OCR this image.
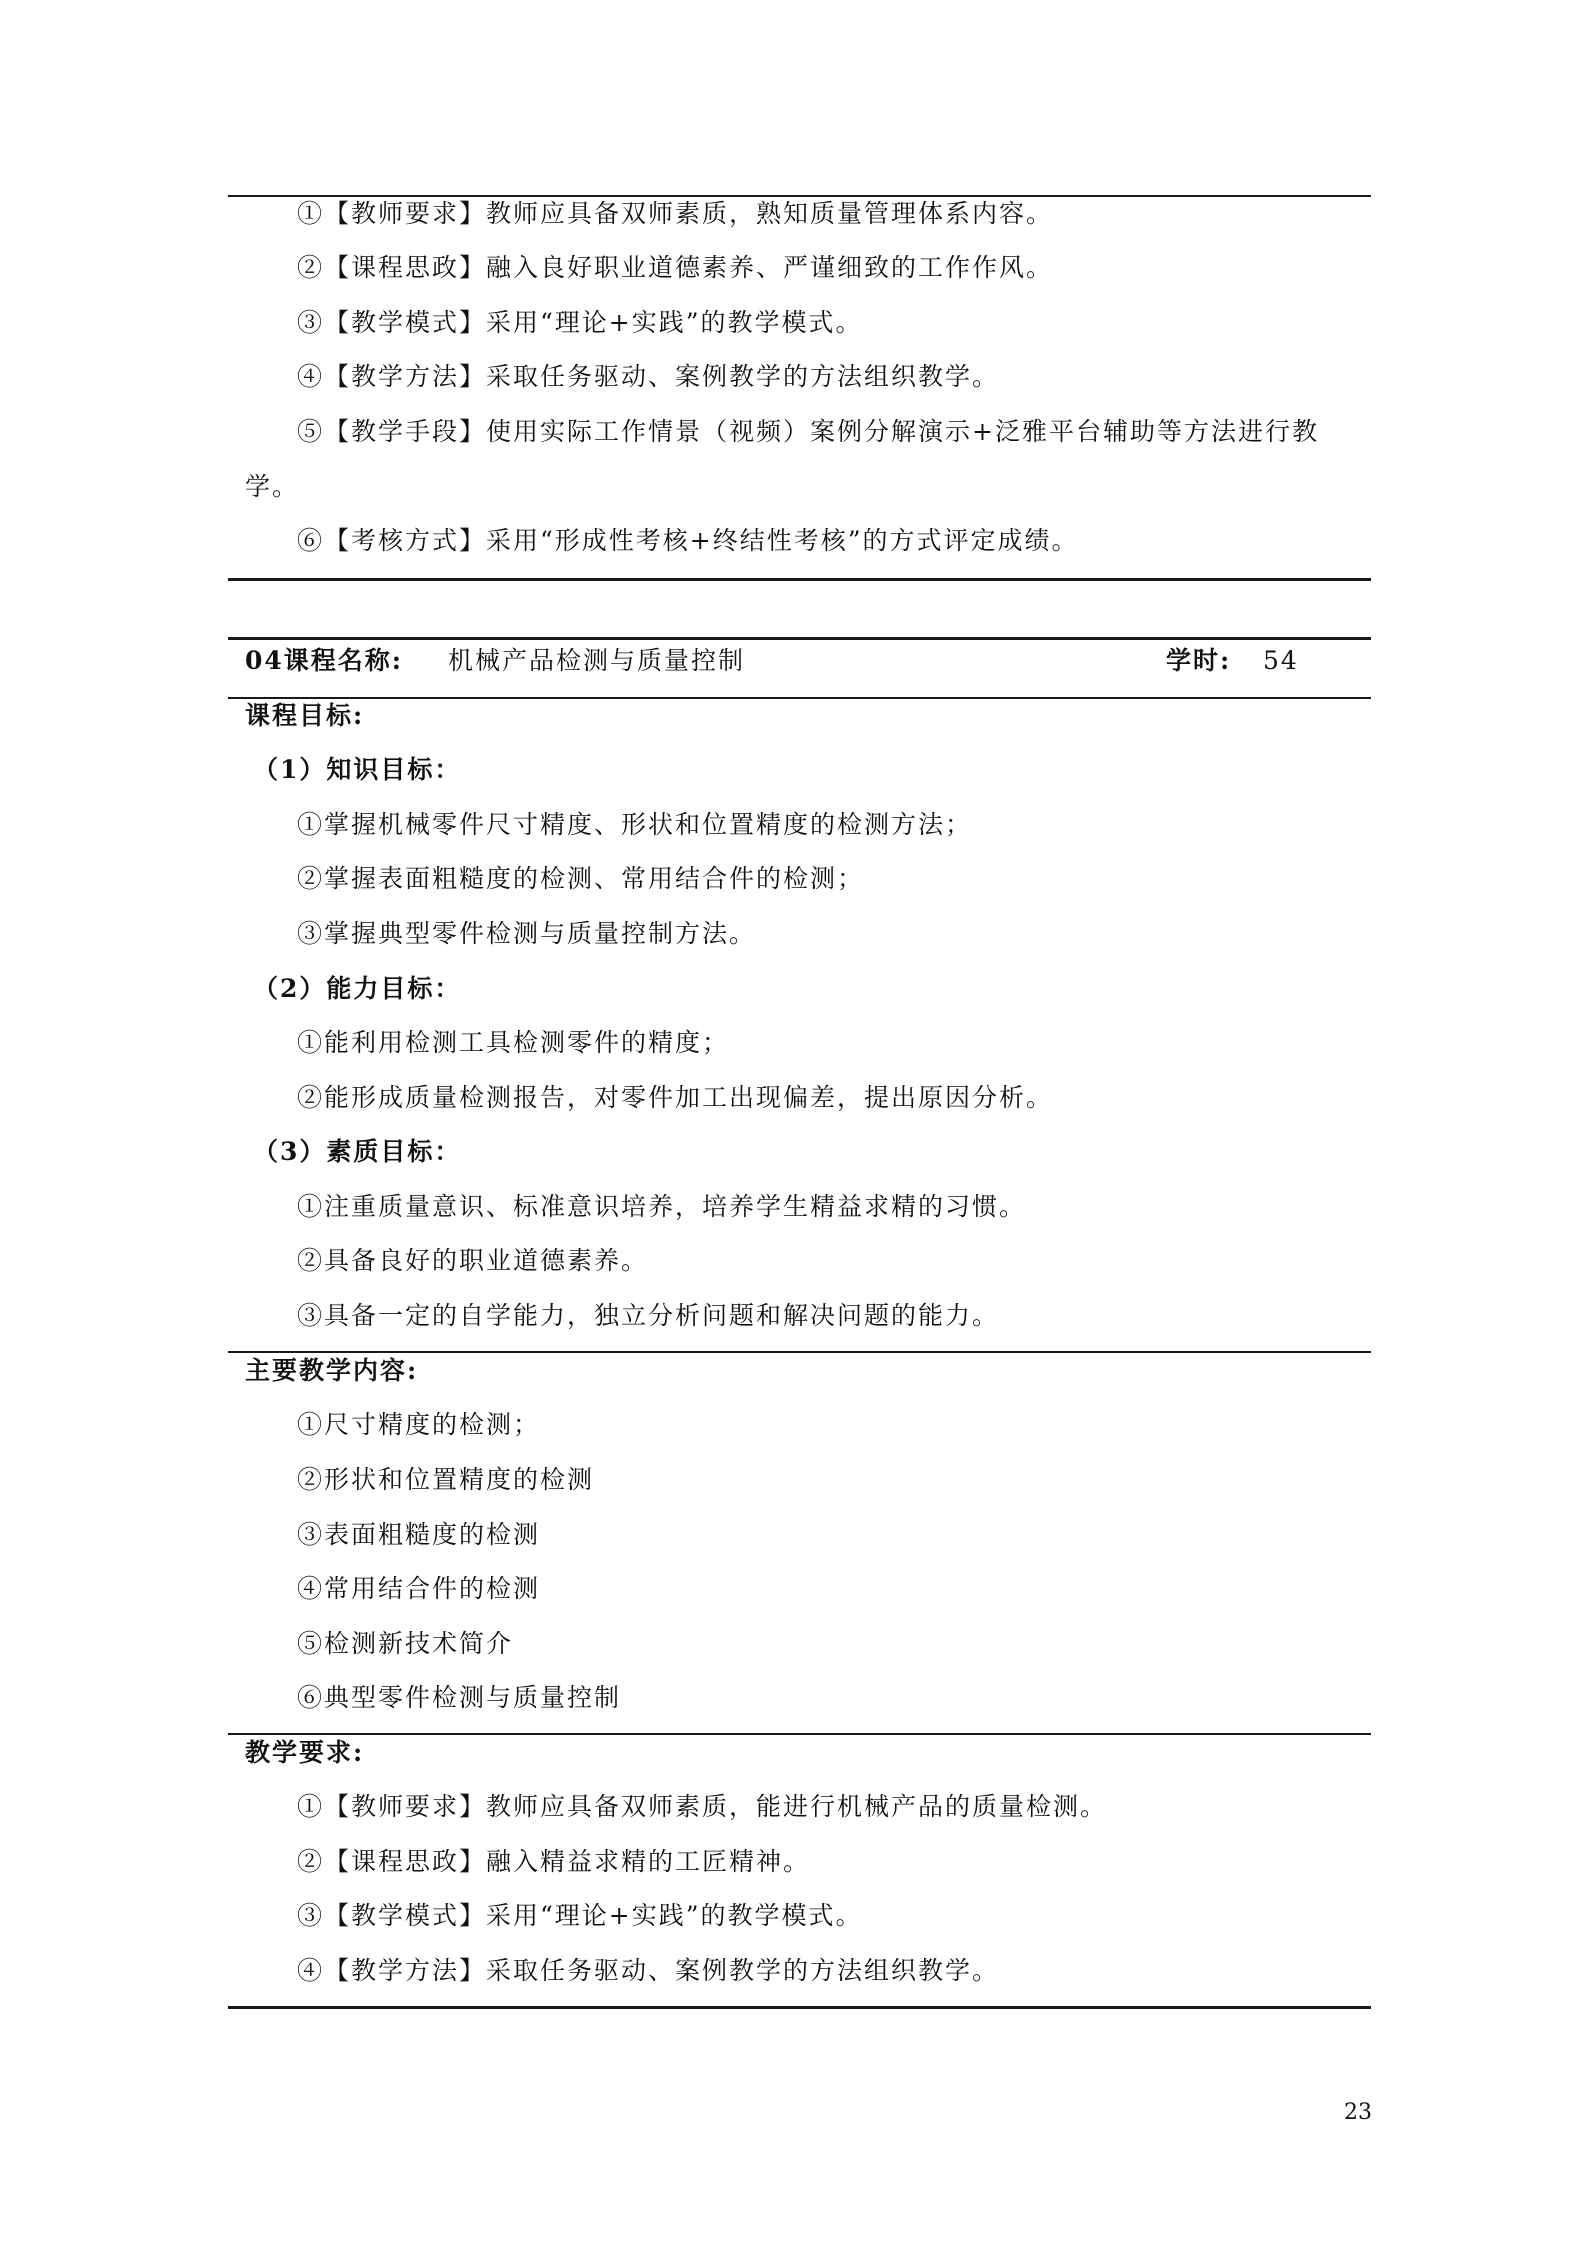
①【教师要求】教师应具备双师素质，熟知质量管理体系内容。
②【课程思政】融入良好职业道德素养、严谨细致的工作作风。
③【教学模式】采用“理论+实践”的教学模式。
④【教学方法】采取任务驱动、案例教学的方法组织教学。
⑤【教学手段】使用实际工作情景（视频）案例分解演示+泛雅平台辅助等方法进行教
学。
⑥【考核方式】采用“形成性考核+终结性考核”的方式评定成绩。
04课程名称: 机械产品检测与质量控制	学时: 54
课程目标:
（1）知识目标：
①掌握机械零件尺寸精度、形状和位置精度的检测方法；
②掌握表面粗糙度的检测、常用结合件的检测；
③掌握典型零件检测与质量控制方法。
（2）能力目标：
①能利用检测工具检测零件的精度；
②能形成质量检测报告，对零件加工出现偏差，提出原因分析。
（3）素质目标：
①注重质量意识、标准意识培养，培养学生精益求精的习惯。
②具备良好的职业道德素养。
③具备一定的自学能力，独立分析问题和解决问题的能力。
主要教学内容:
①尺寸精度的检测；
②形状和位置精度的检测
③表面粗糙度的检测
④常用结合件的检测
⑤检测新技术简介
⑥典型零件检测与质量控制
教学要求:
①【教师要求】教师应具备双师素质，能进行机械产品的质量检测。
②【课程思政】融入精益求精的工匠精神。
③【教学模式】采用“理论+实践”的教学模式。
④【教学方法】采取任务驱动、案例教学的方法组织教学。
23
